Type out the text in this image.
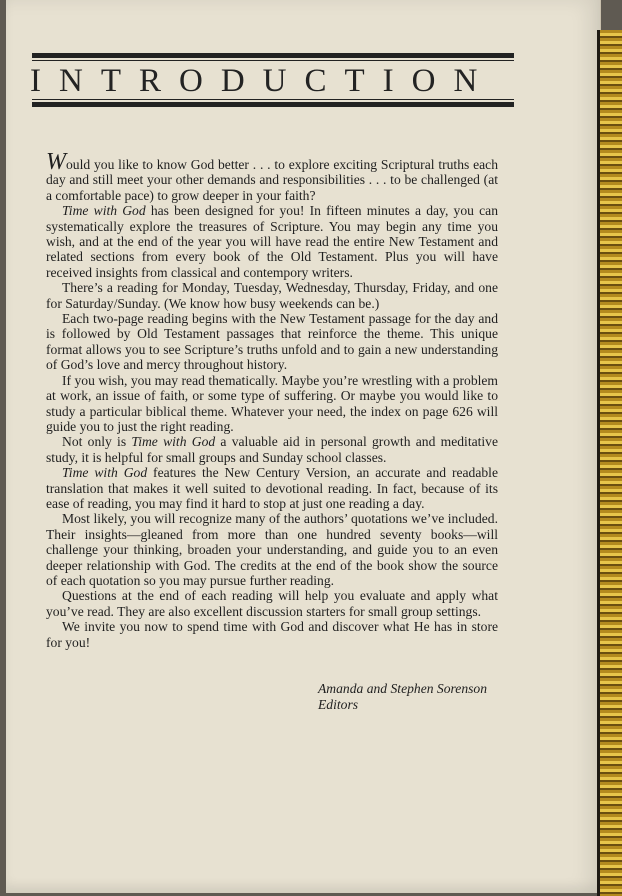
INTRODUCTION

Would you like to know God better . . . to explore exciting Scriptural truths each day and still meet your other demands and responsibilities . . . to be challenged (at a comfortable pace) to grow deeper in your faith?

Time with God has been designed for you! In fifteen minutes a day, you can systematically explore the treasures of Scripture. You may begin any time you wish, and at the end of the year you will have read the entire New Testament and related sections from every book of the Old Testament. Plus you will have received insights from classical and contempory writers.

There’s a reading for Monday, Tuesday, Wednesday, Thursday, Friday, and one for Saturday/Sunday. (We know how busy weekends can be.)

Each two-page reading begins with the New Testament passage for the day and is followed by Old Testament passages that reinforce the theme. This unique format allows you to see Scripture’s truths unfold and to gain a new understanding of God’s love and mercy throughout history.

If you wish, you may read thematically. Maybe you’re wrestling with a problem at work, an issue of faith, or some type of suffering. Or maybe you would like to study a particular biblical theme. Whatever your need, the index on page 626 will guide you to just the right reading.

Not only is Time with God a valuable aid in personal growth and meditative study, it is helpful for small groups and Sunday school classes.

Time with God features the New Century Version, an accurate and readable translation that makes it well suited to devotional reading. In fact, because of its ease of reading, you may find it hard to stop at just one reading a day.

Most likely, you will recognize many of the authors’ quotations we’ve included. Their insights—gleaned from more than one hundred seventy books—will challenge your thinking, broaden your understanding, and guide you to an even deeper relationship with God. The credits at the end of the book show the source of each quotation so you may pursue further reading.

Questions at the end of each reading will help you evaluate and apply what you’ve read. They are also excellent discussion starters for small group settings.

We invite you now to spend time with God and discover what He has in store for you!

Amanda and Stephen Sorenson
Editors
